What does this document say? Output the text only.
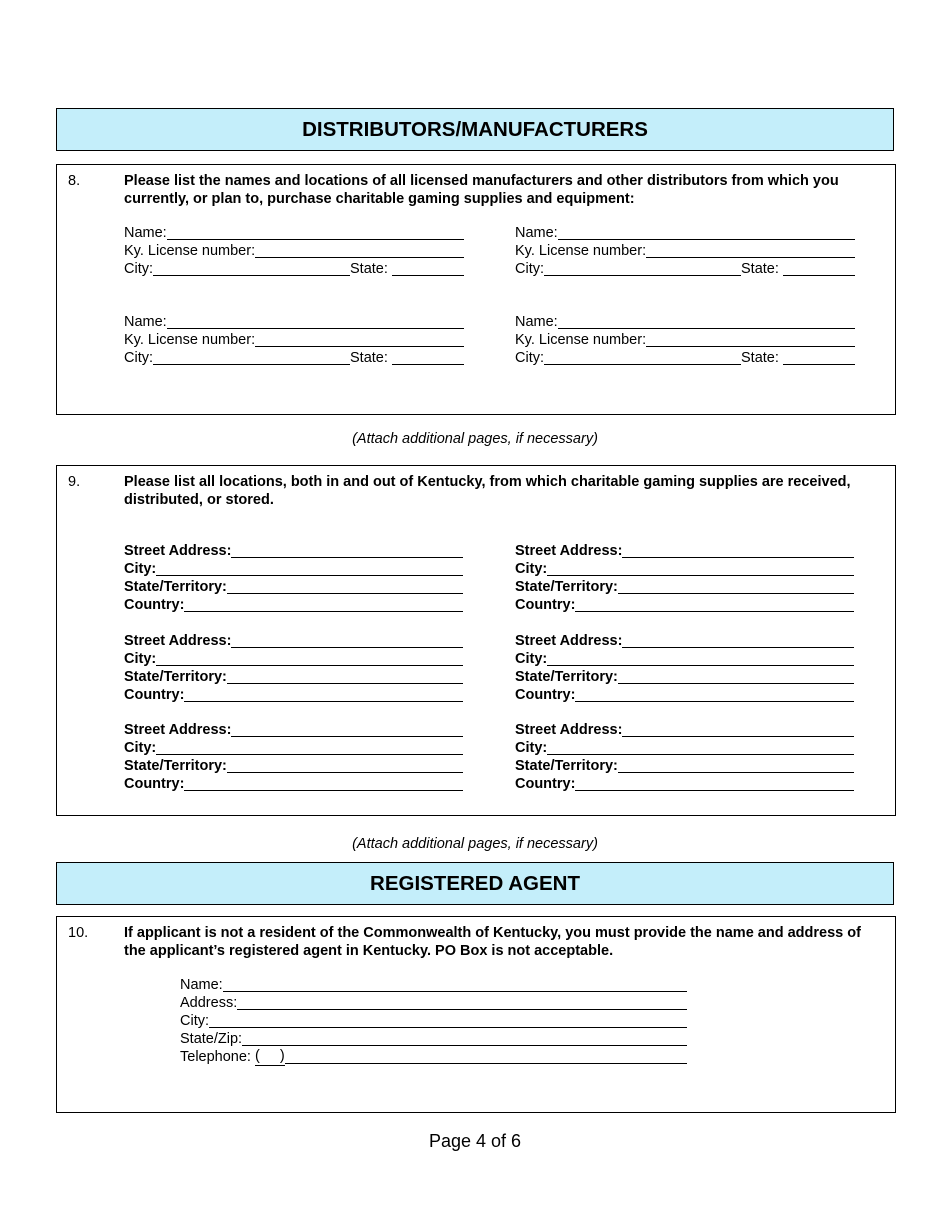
DISTRIBUTORS/MANUFACTURERS
8.	Please list the names and locations of all licensed manufacturers and other distributors from which you currently, or plan to, purchase charitable gaming supplies and equipment:
Name:
Ky. License number:
City:	State:
Name:
Ky. License number:
City:	State:
Name:
Ky. License number:
City:	State:
Name:
Ky. License number:
City:	State:
(Attach additional pages, if necessary)
9.	Please list all locations, both in and out of Kentucky, from which charitable gaming supplies are received, distributed, or stored.
Street Address:
City:
State/Territory:
Country:
Street Address:
City:
State/Territory:
Country:
Street Address:
City:
State/Territory:
Country:
Street Address:
City:
State/Territory:
Country:
Street Address:
City:
State/Territory:
Country:
Street Address:
City:
State/Territory:
Country:
(Attach additional pages, if necessary)
REGISTERED AGENT
10. If applicant is not a resident of the Commonwealth of Kentucky, you must provide the name and address of the applicant’s registered agent in Kentucky. PO Box is not acceptable.
Name:
Address:
City:
State/Zip:
Telephone: (     )
Page 4 of 6
